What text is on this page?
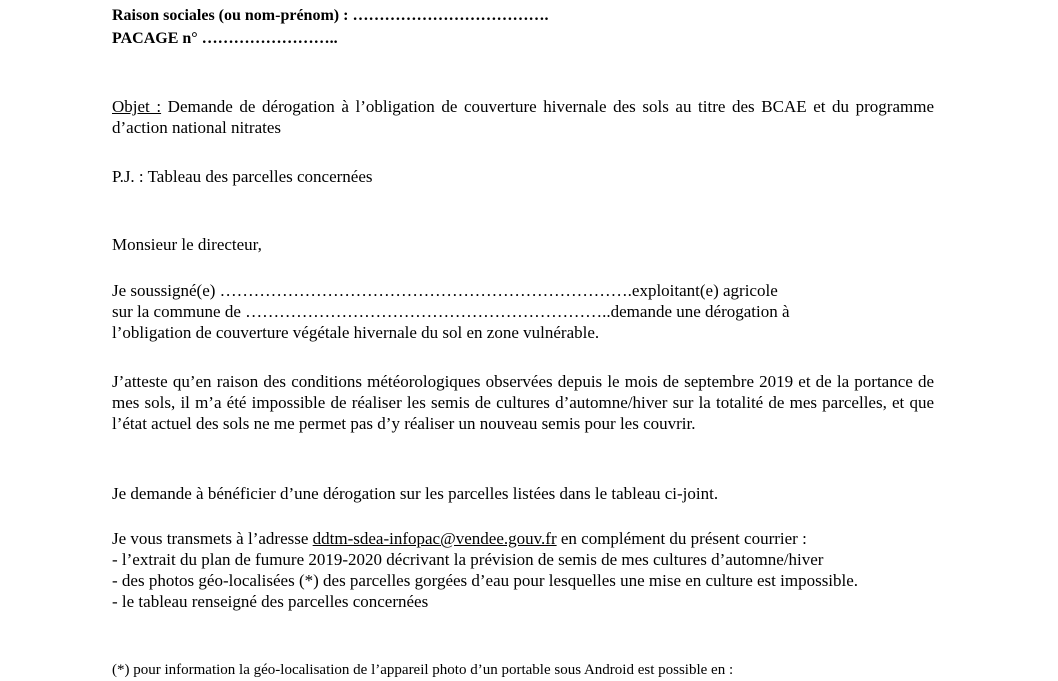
Raison sociales (ou nom-prénom) : ……………………………….
PACAGE n° ……………………..

Objet : Demande de dérogation à l’obligation de couverture hivernale des sols au titre des BCAE et du programme d’action national nitrates

P.J. : Tableau des parcelles concernées

Monsieur le directeur,

Je soussigné(e) ……………………………………………………………….exploitant(e) agricole
sur la commune de ………………………………………………………..demande une dérogation à
l’obligation de couverture végétale hivernale du sol en zone vulnérable.

J’atteste qu’en raison des conditions météorologiques observées depuis le mois de septembre 2019 et de la portance de mes sols, il m’a été impossible de réaliser les semis de cultures d’automne/hiver sur la totalité de mes parcelles, et que l’état actuel des sols ne me permet pas d’y réaliser un nouveau semis pour les couvrir.

Je demande à bénéficier d’une dérogation sur les parcelles listées dans le tableau ci-joint.

Je vous transmets à l’adresse ddtm-sdea-infopac@vendee.gouv.fr en complément du présent courrier :
- l’extrait du plan de fumure 2019-2020 décrivant la prévision de semis de mes cultures d’automne/hiver
- des photos géo-localisées (*) des parcelles gorgées d’eau pour lesquelles une mise en culture est impossible.
- le tableau renseigné des parcelles concernées

(*) pour information la géo-localisation de l’appareil photo d’un portable sous Android est possible en :
